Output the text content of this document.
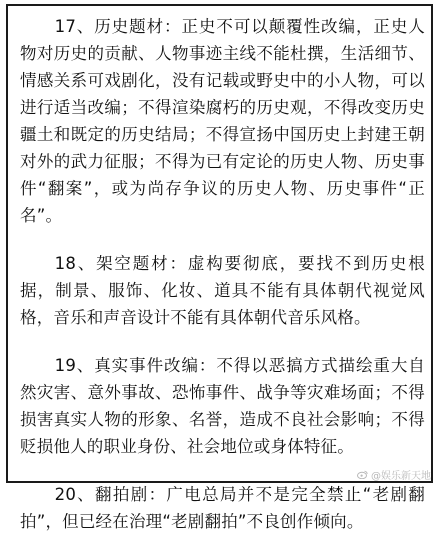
17、历史题材：正史不可以颠覆性改编，正史人物对历史的贡献、人物事迹主线不能杜撰，生活细节、情感关系可戏剧化，没有记载或野史中的小人物，可以进行适当改编；不得渲染腐朽的历史观，不得改变历史疆土和既定的历史结局；不得宣扬中国历史上封建王朝对外的武力征服；不得为已有定论的历史人物、历史事件“翻案”，或为尚存争议的历史人物、历史事件“正名”。

18、架空题材：虚构要彻底，要找不到历史根据，制景、服饰、化妆、道具不能有具体朝代视觉风格，音乐和声音设计不能有具体朝代音乐风格。

19、真实事件改编：不得以恶搞方式描绘重大自然灾害、意外事故、恐怖事件、战争等灾难场面；不得损害真实人物的形象、名誉，造成不良社会影响；不得贬损他人的职业身份、社会地位或身体特征。

20、翻拍剧：广电总局并不是完全禁止“老剧翻拍”，但已经在治理“老剧翻拍”不良创作倾向。

@娱乐新天地
